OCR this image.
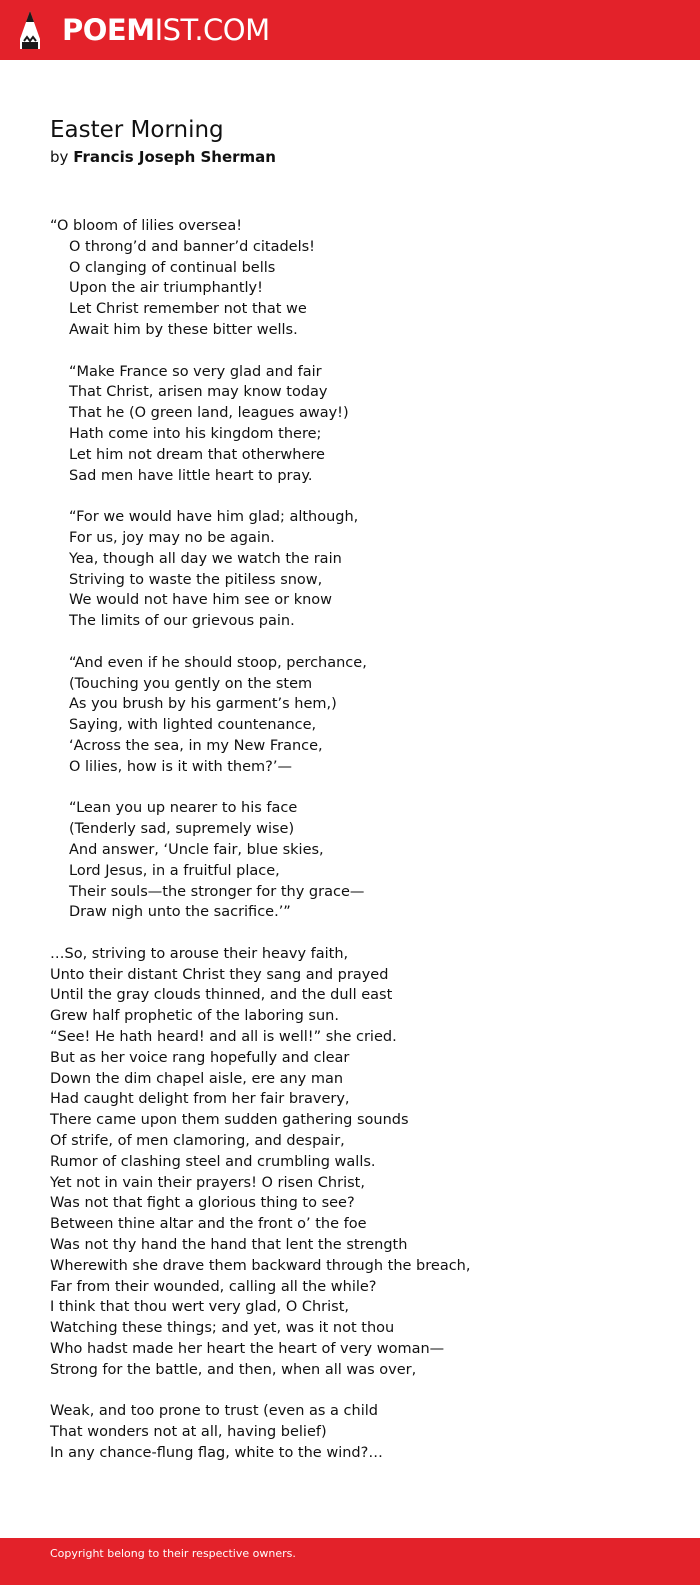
POEMIST.COM
Easter Morning
by Francis Joseph Sherman
“O bloom of lilies oversea!
O throng’d and banner’d citadels!
O clanging of continual bells
Upon the air triumphantly!
Let Christ remember not that we
Await him by these bitter wells.
“Make France so very glad and fair
That Christ, arisen may know today
That he (O green land, leagues away!)
Hath come into his kingdom there;
Let him not dream that otherwhere
Sad men have little heart to pray.
“For we would have him glad; although,
For us, joy may no be again.
Yea, though all day we watch the rain
Striving to waste the pitiless snow,
We would not have him see or know
The limits of our grievous pain.
“And even if he should stoop, perchance,
(Touching you gently on the stem
As you brush by his garment’s hem,)
Saying, with lighted countenance,
‘Across the sea, in my New France,
O lilies, how is it with them?’—
“Lean you up nearer to his face
(Tenderly sad, supremely wise)
And answer, ‘Uncle fair, blue skies,
Lord Jesus, in a fruitful place,
Their souls—the stronger for thy grace—
Draw nigh unto the sacrifice.’”
…So, striving to arouse their heavy faith,
Unto their distant Christ they sang and prayed
Until the gray clouds thinned, and the dull east
Grew half prophetic of the laboring sun.
“See! He hath heard! and all is well!” she cried.
But as her voice rang hopefully and clear
Down the dim chapel aisle, ere any man
Had caught delight from her fair bravery,
There came upon them sudden gathering sounds
Of strife, of men clamoring, and despair,
Rumor of clashing steel and crumbling walls.
Yet not in vain their prayers! O risen Christ,
Was not that fight a glorious thing to see?
Between thine altar and the front o’ the foe
Was not thy hand the hand that lent the strength
Wherewith she drave them backward through the breach,
Far from their wounded, calling all the while?
I think that thou wert very glad, O Christ,
Watching these things; and yet, was it not thou
Who hadst made her heart the heart of very woman—
Strong for the battle, and then, when all was over,
Weak, and too prone to trust (even as a child
That wonders not at all, having belief)
In any chance-flung flag, white to the wind?…
Copyright belong to their respective owners.
